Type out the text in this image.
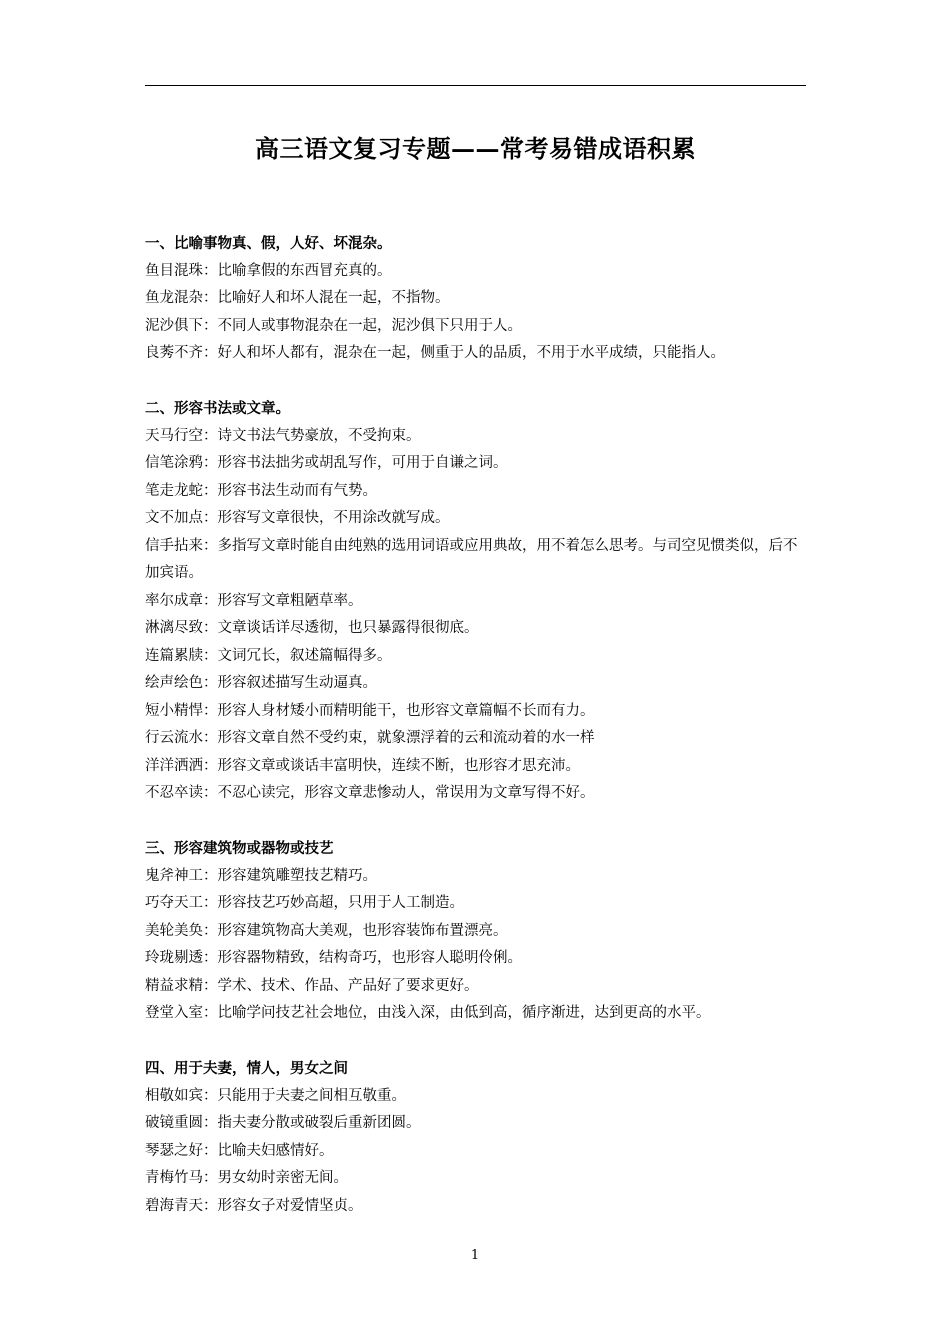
高三语文复习专题——常考易错成语积累

一、比喻事物真、假，人好、坏混杂。

鱼目混珠：比喻拿假的东西冒充真的。

鱼龙混杂：比喻好人和坏人混在一起，不指物。

泥沙俱下：不同人或事物混杂在一起，泥沙俱下只用于人。

良莠不齐：好人和坏人都有，混杂在一起，侧重于人的品质，不用于水平成绩，只能指人。

二、形容书法或文章。

天马行空：诗文书法气势豪放，不受拘束。

信笔涂鸦：形容书法拙劣或胡乱写作，可用于自谦之词。

笔走龙蛇：形容书法生动而有气势。

文不加点：形容写文章很快，不用涂改就写成。

信手拈来：多指写文章时能自由纯熟的选用词语或应用典故，用不着怎么思考。与司空见惯类似，后不加宾语。

率尔成章：形容写文章粗陋草率。

淋漓尽致：文章谈话详尽透彻，也只暴露得很彻底。

连篇累牍：文词冗长，叙述篇幅得多。

绘声绘色：形容叙述描写生动逼真。

短小精悍：形容人身材矮小而精明能干，也形容文章篇幅不长而有力。

行云流水：形容文章自然不受约束，就象漂浮着的云和流动着的水一样

洋洋洒洒：形容文章或谈话丰富明快，连续不断，也形容才思充沛。

不忍卒读：不忍心读完，形容文章悲惨动人，常误用为文章写得不好。

三、形容建筑物或器物或技艺

鬼斧神工：形容建筑雕塑技艺精巧。

巧夺天工：形容技艺巧妙高超，只用于人工制造。

美轮美奂：形容建筑物高大美观，也形容装饰布置漂亮。

玲珑剔透：形容器物精致，结构奇巧，也形容人聪明伶俐。

精益求精：学术、技术、作品、产品好了要求更好。

登堂入室：比喻学问技艺社会地位，由浅入深，由低到高，循序渐进，达到更高的水平。

四、用于夫妻，情人，男女之间

相敬如宾：只能用于夫妻之间相互敬重。

破镜重圆：指夫妻分散或破裂后重新团圆。

琴瑟之好：比喻夫妇感情好。

青梅竹马：男女幼时亲密无间。

碧海青天：形容女子对爱情坚贞。

1
